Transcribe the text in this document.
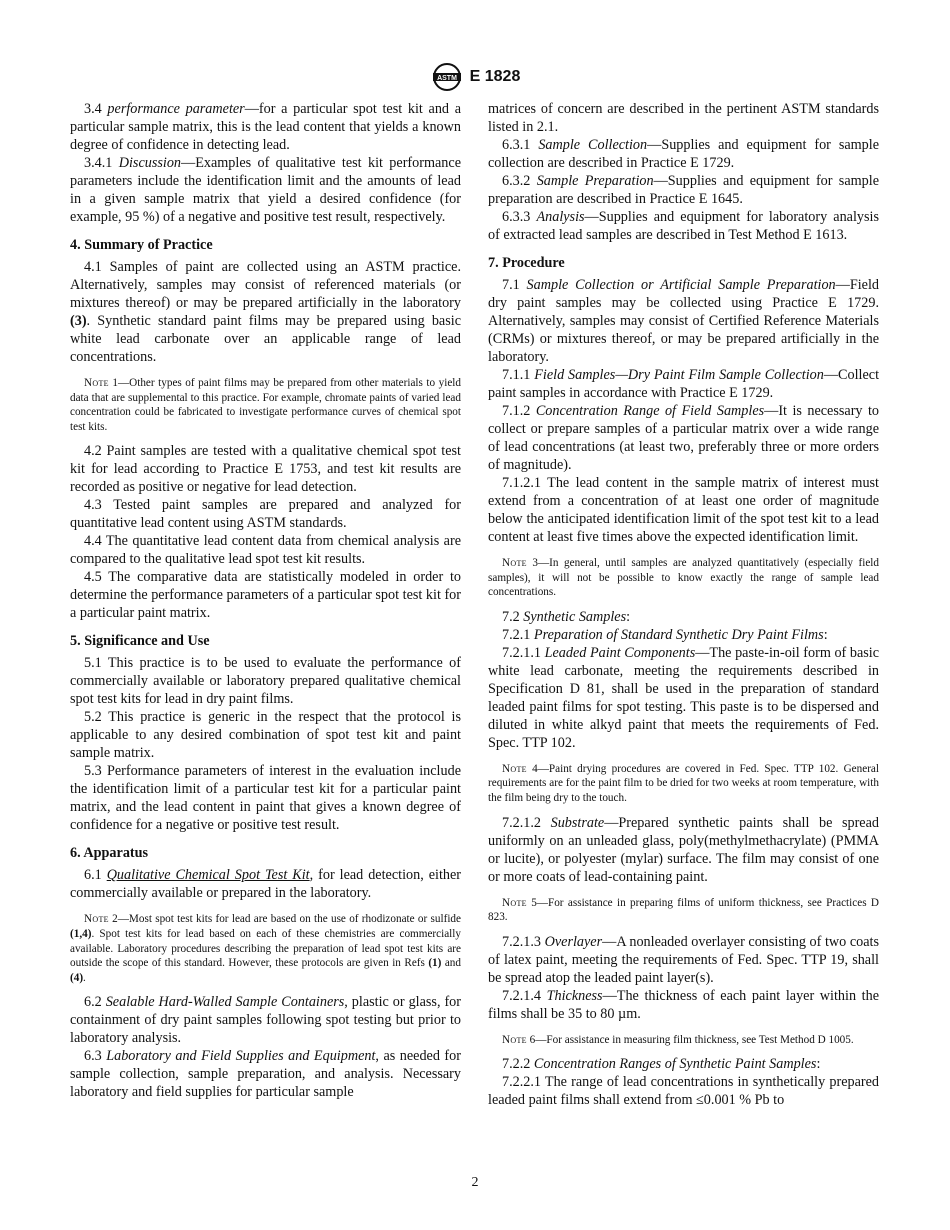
ASTM E 1828

3.4 performance parameter—for a particular spot test kit and a particular sample matrix, this is the lead content that yields a known degree of confidence in detecting lead.

3.4.1 Discussion—Examples of qualitative test kit performance parameters include the identification limit and the amounts of lead in a given sample matrix that yield a desired confidence (for example, 95 %) of a negative and positive test result, respectively.

4. Summary of Practice

4.1 Samples of paint are collected using an ASTM practice. Alternatively, samples may consist of referenced materials (or mixtures thereof) or may be prepared artificially in the laboratory (3). Synthetic standard paint films may be prepared using basic white lead carbonate over an applicable range of lead concentrations.

Note 1—Other types of paint films may be prepared from other materials to yield data that are supplemental to this practice. For example, chromate paints of varied lead concentration could be fabricated to investigate performance curves of chemical spot test kits.

4.2 Paint samples are tested with a qualitative chemical spot test kit for lead according to Practice E 1753, and test kit results are recorded as positive or negative for lead detection.

4.3 Tested paint samples are prepared and analyzed for quantitative lead content using ASTM standards.

4.4 The quantitative lead content data from chemical analysis are compared to the qualitative lead spot test kit results.

4.5 The comparative data are statistically modeled in order to determine the performance parameters of a particular spot test kit for a particular paint matrix.

5. Significance and Use

5.1 This practice is to be used to evaluate the performance of commercially available or laboratory prepared qualitative chemical spot test kits for lead in dry paint films.

5.2 This practice is generic in the respect that the protocol is applicable to any desired combination of spot test kit and paint sample matrix.

5.3 Performance parameters of interest in the evaluation include the identification limit of a particular test kit for a particular paint matrix, and the lead content in paint that gives a known degree of confidence for a negative or positive test result.

6. Apparatus

6.1 Qualitative Chemical Spot Test Kit, for lead detection, either commercially available or prepared in the laboratory.

Note 2—Most spot test kits for lead are based on the use of rhodizonate or sulfide (1,4). Spot test kits for lead based on each of these chemistries are commercially available. Laboratory procedures describing the preparation of lead spot test kits are outside the scope of this standard. However, these protocols are given in Refs (1) and (4).

6.2 Sealable Hard-Walled Sample Containers, plastic or glass, for containment of dry paint samples following spot testing but prior to laboratory analysis.

6.3 Laboratory and Field Supplies and Equipment, as needed for sample collection, sample preparation, and analysis. Necessary laboratory and field supplies for particular sample

matrices of concern are described in the pertinent ASTM standards listed in 2.1.

6.3.1 Sample Collection—Supplies and equipment for sample collection are described in Practice E 1729.

6.3.2 Sample Preparation—Supplies and equipment for sample preparation are described in Practice E 1645.

6.3.3 Analysis—Supplies and equipment for laboratory analysis of extracted lead samples are described in Test Method E 1613.

7. Procedure

7.1 Sample Collection or Artificial Sample Preparation—Field dry paint samples may be collected using Practice E 1729. Alternatively, samples may consist of Certified Reference Materials (CRMs) or mixtures thereof, or may be prepared artificially in the laboratory.

7.1.1 Field Samples—Dry Paint Film Sample Collection—Collect paint samples in accordance with Practice E 1729.

7.1.2 Concentration Range of Field Samples—It is necessary to collect or prepare samples of a particular matrix over a wide range of lead concentrations (at least two, preferably three or more orders of magnitude).

7.1.2.1 The lead content in the sample matrix of interest must extend from a concentration of at least one order of magnitude below the anticipated identification limit of the spot test kit to a lead content at least five times above the expected identification limit.

Note 3—In general, until samples are analyzed quantitatively (especially field samples), it will not be possible to know exactly the range of sample lead concentrations.

7.2 Synthetic Samples:

7.2.1 Preparation of Standard Synthetic Dry Paint Films:

7.2.1.1 Leaded Paint Components—The paste-in-oil form of basic white lead carbonate, meeting the requirements described in Specification D 81, shall be used in the preparation of standard leaded paint films for spot testing. This paste is to be dispersed and diluted in white alkyd paint that meets the requirements of Fed. Spec. TTP 102.

Note 4—Paint drying procedures are covered in Fed. Spec. TTP 102. General requirements are for the paint film to be dried for two weeks at room temperature, with the film being dry to the touch.

7.2.1.2 Substrate—Prepared synthetic paints shall be spread uniformly on an unleaded glass, poly(methylmethacrylate) (PMMA or lucite), or polyester (mylar) surface. The film may consist of one or more coats of lead-containing paint.

Note 5—For assistance in preparing films of uniform thickness, see Practices D 823.

7.2.1.3 Overlayer—A nonleaded overlayer consisting of two coats of latex paint, meeting the requirements of Fed. Spec. TTP 19, shall be spread atop the leaded paint layer(s).

7.2.1.4 Thickness—The thickness of each paint layer within the films shall be 35 to 80 µm.

Note 6—For assistance in measuring film thickness, see Test Method D 1005.

7.2.2 Concentration Ranges of Synthetic Paint Samples:

7.2.2.1 The range of lead concentrations in synthetically prepared leaded paint films shall extend from ≤0.001 % Pb to

2
